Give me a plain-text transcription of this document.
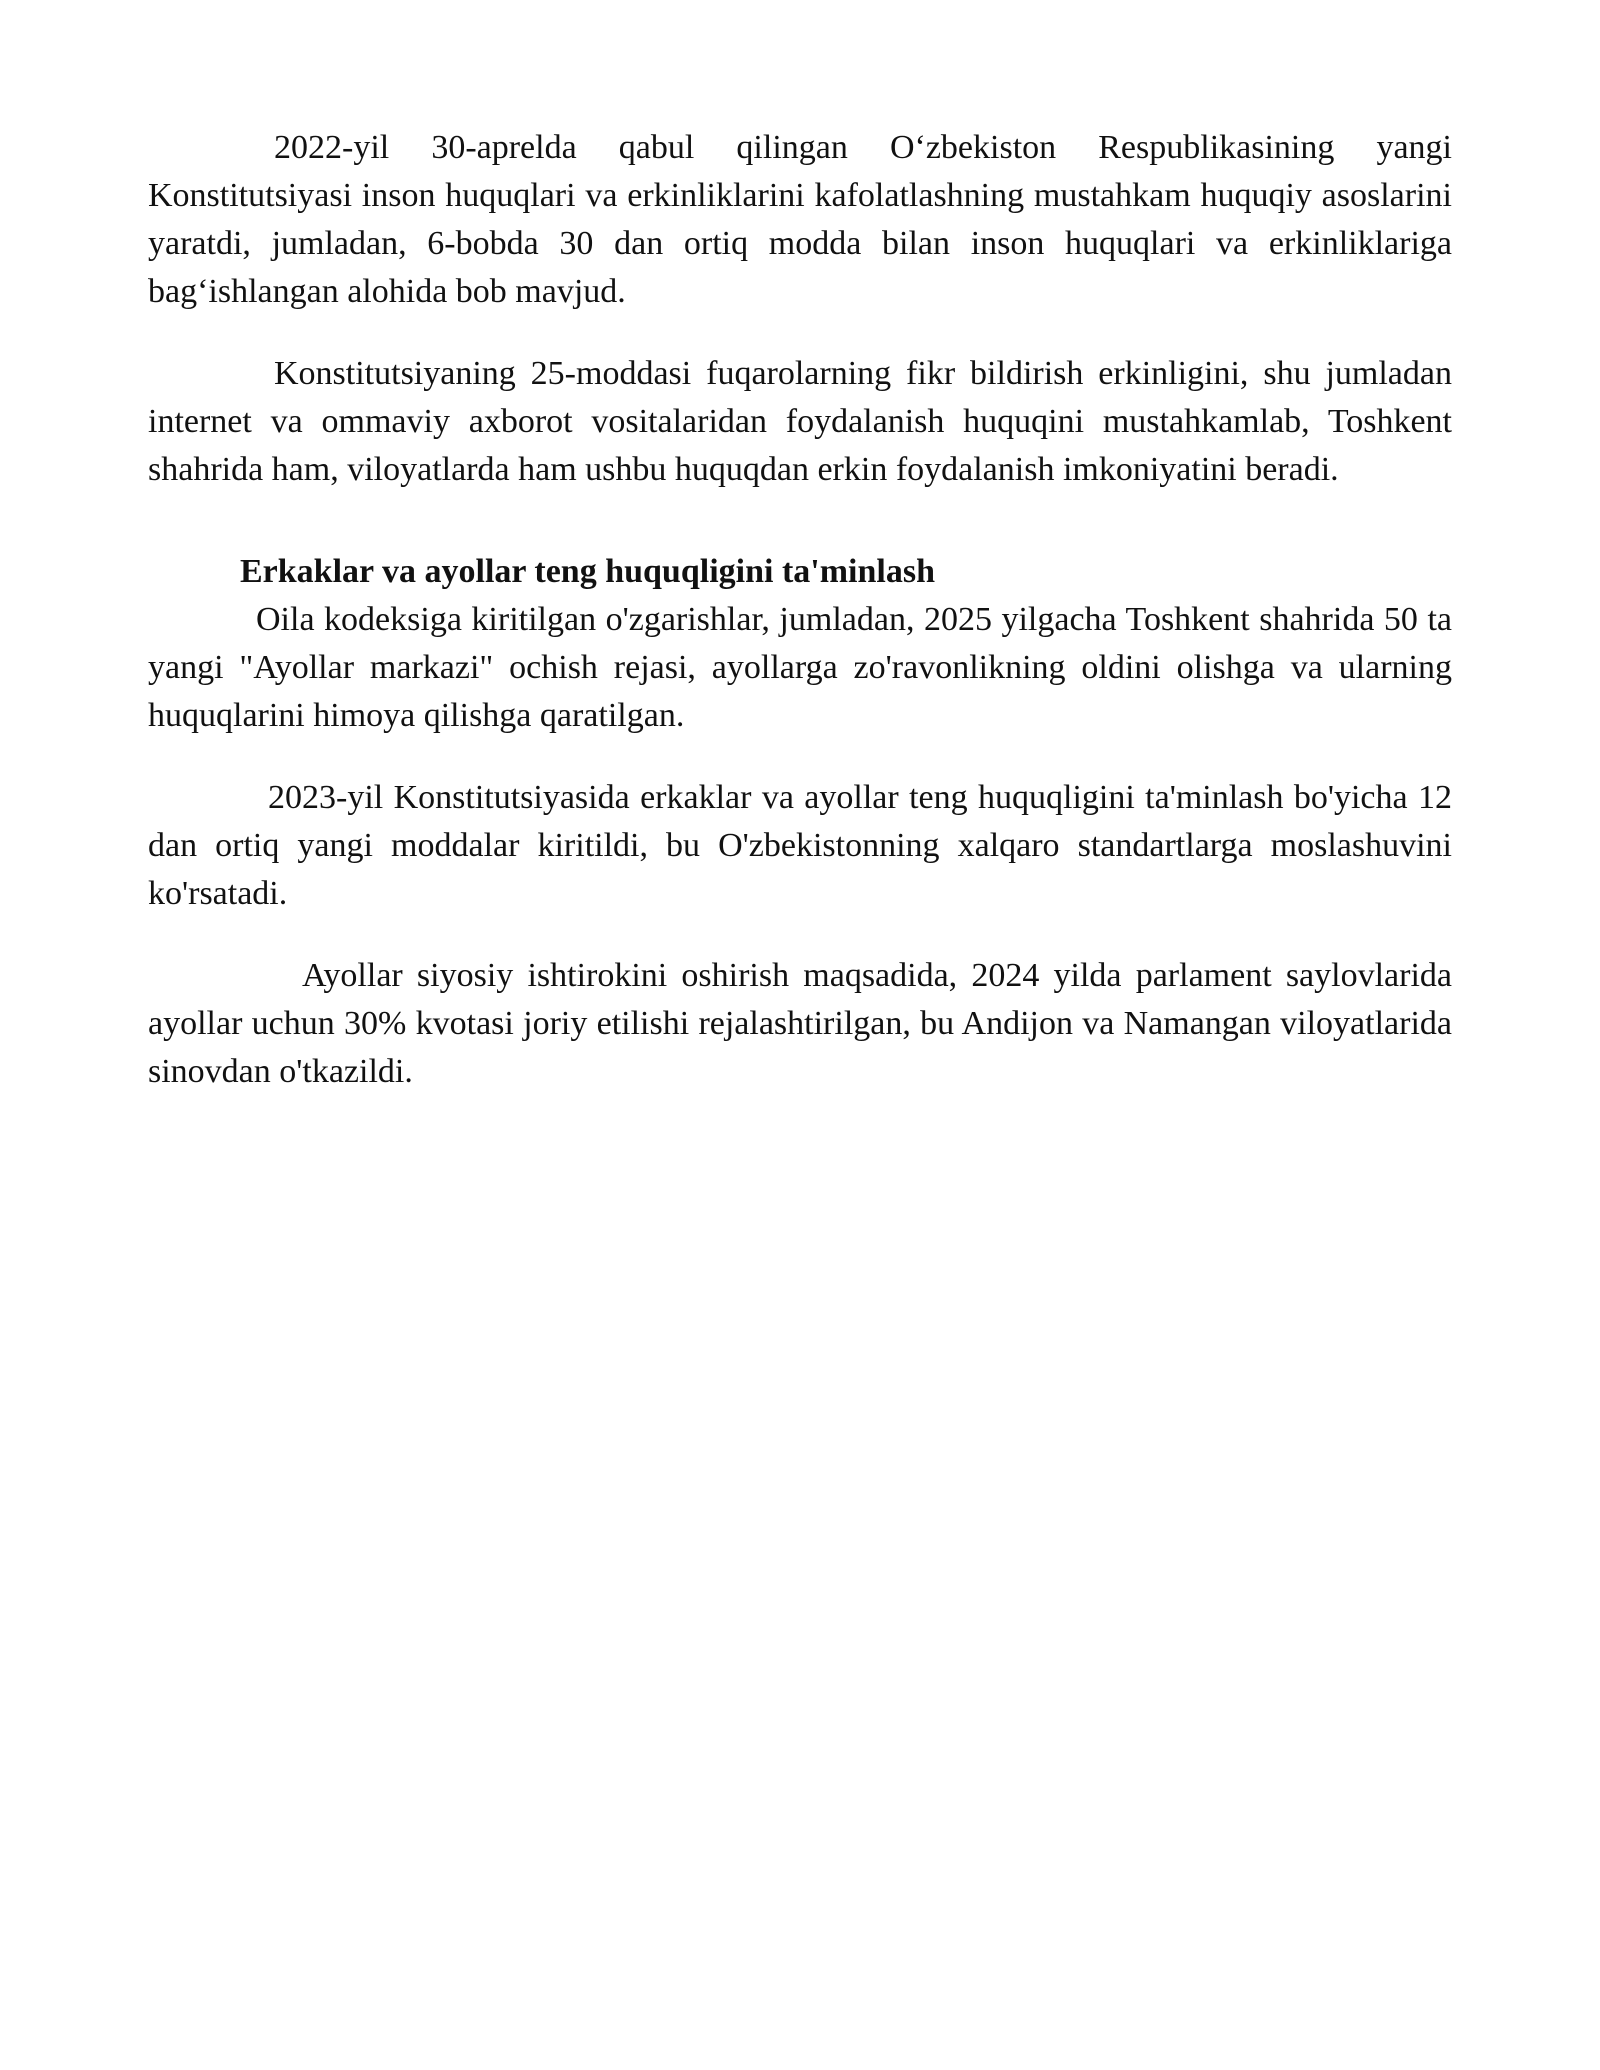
2022-yil 30-aprelda qabul qilingan O‘zbekiston Respublikasining yangi Konstitutsiyasi inson huquqlari va erkinliklarini kafolatlashning mustahkam huquqiy asoslarini yaratdi, jumladan, 6-bobda 30 dan ortiq modda bilan inson huquqlari va erkinliklariga bag‘ishlangan alohida bob mavjud.

Konstitutsiyaning 25-moddasi fuqarolarning fikr bildirish erkinligini, shu jumladan internet va ommaviy axborot vositalaridan foydalanish huquqini mustahkamlab, Toshkent shahrida ham, viloyatlarda ham ushbu huquqdan erkin foydalanish imkoniyatini beradi.

Erkaklar va ayollar teng huquqligini ta'minlash

Oila kodeksiga kiritilgan o'zgarishlar, jumladan, 2025 yilgacha Toshkent shahrida 50 ta yangi "Ayollar markazi" ochish rejasi, ayollarga zo'ravonlikning oldini olishga va ularning huquqlarini himoya qilishga qaratilgan.

2023-yil Konstitutsiyasida erkaklar va ayollar teng huquqligini ta'minlash bo'yicha 12 dan ortiq yangi moddalar kiritildi, bu O'zbekistonning xalqaro standartlarga moslashuvini ko'rsatadi.

Ayollar siyosiy ishtirokini oshirish maqsadida, 2024 yilda parlament saylovlarida ayollar uchun 30% kvotasi joriy etilishi rejalashtirilgan, bu Andijon va Namangan viloyatlarida sinovdan o'tkazildi.
